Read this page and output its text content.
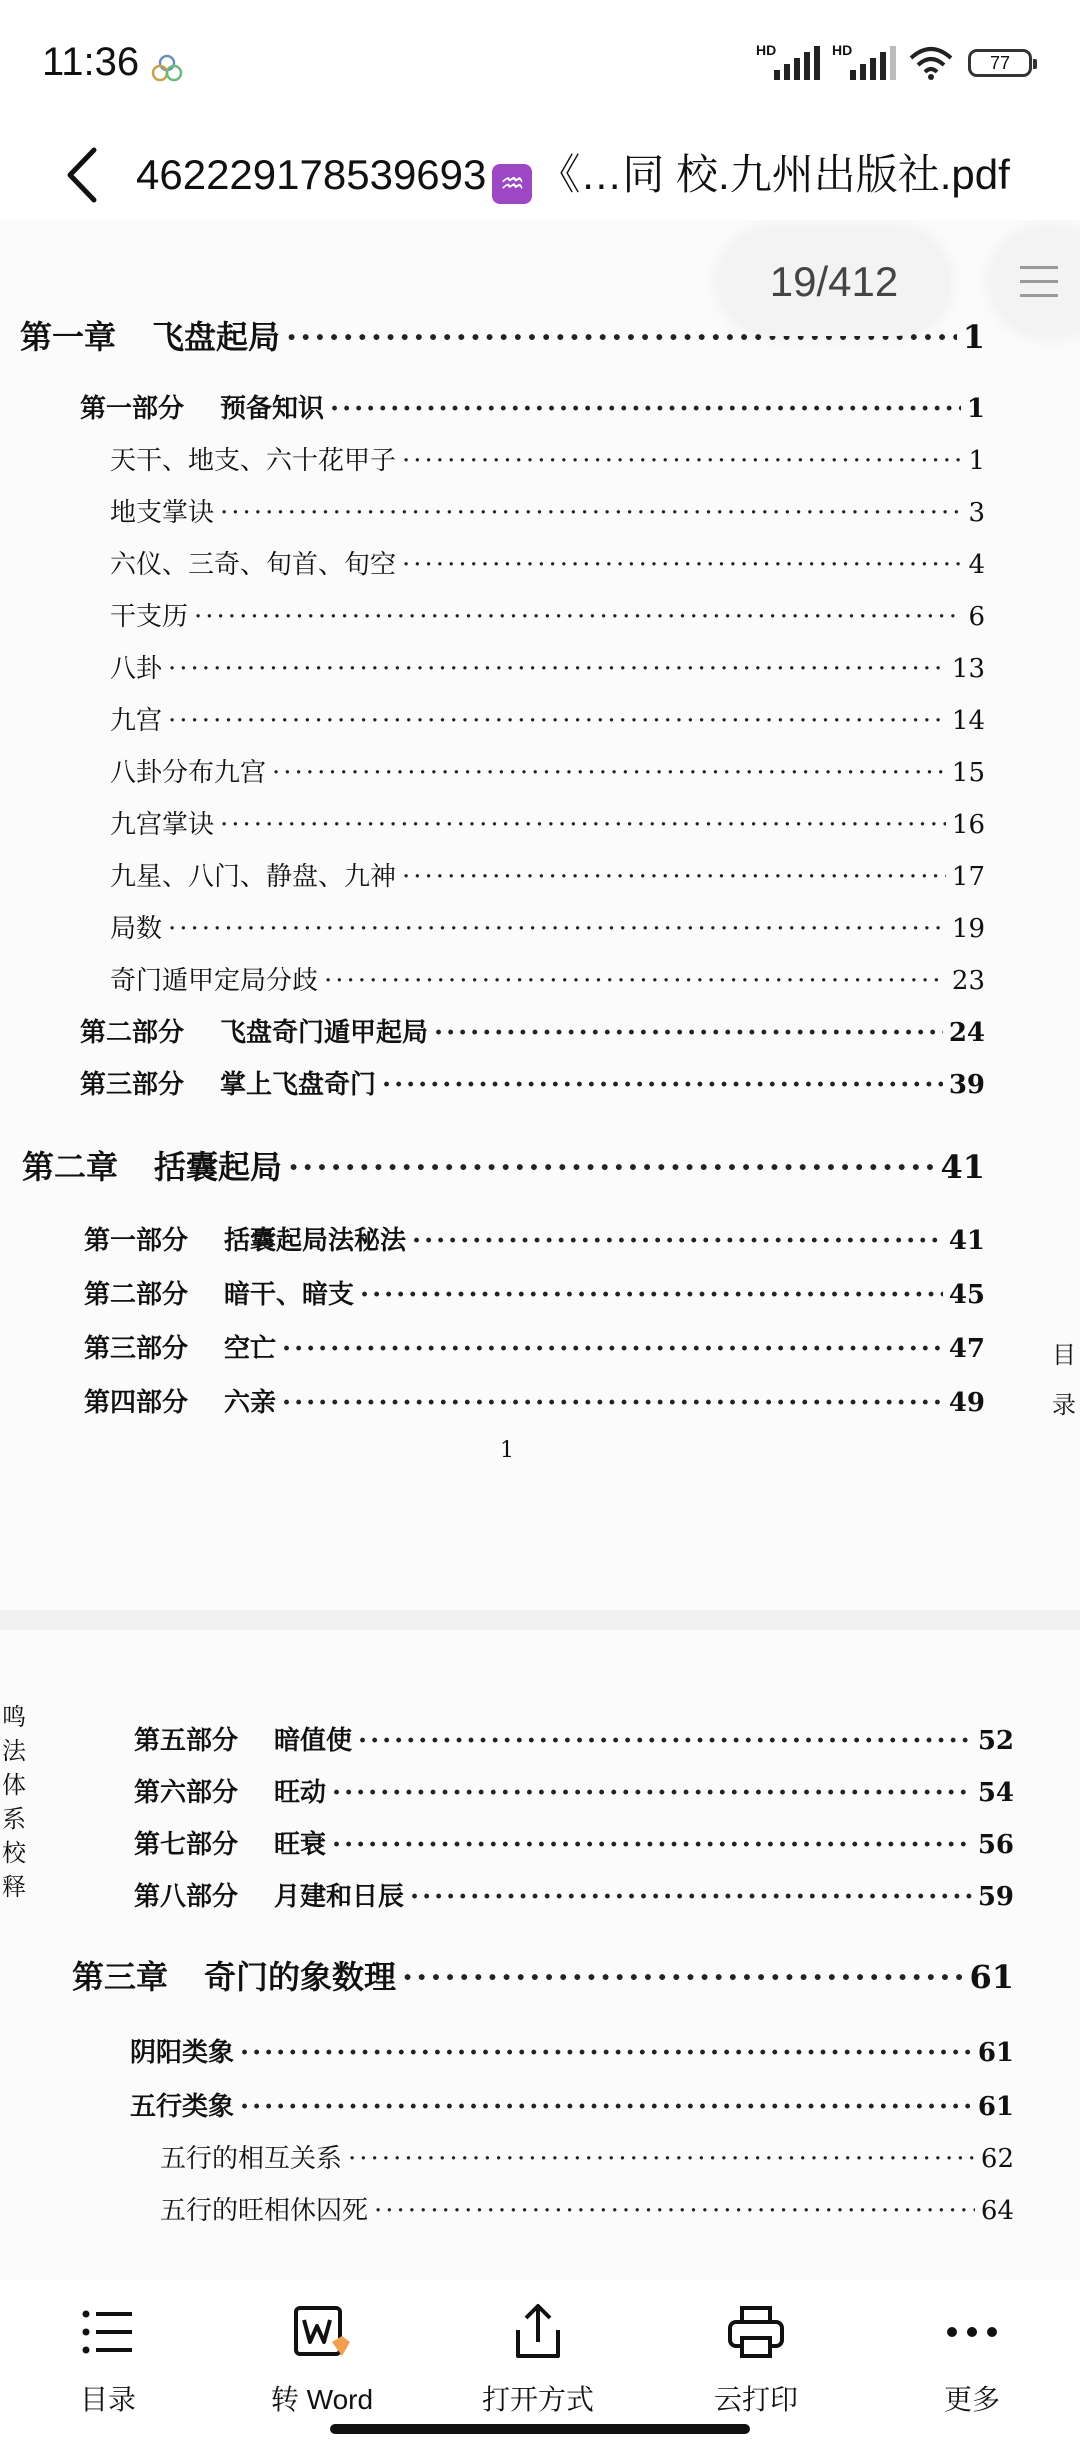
11:36	HD	HD
77
462229178539693 ♒ 《…同 校.九州出版社.pdf
19/412
第一章 飞盘起局 ·····	1
第一部分 预备知识 ·····	1
天干、地支、六十花甲子 ·····	1
地支掌诀 ·····	3
六仪、三奇、旬首、旬空 ·····	4
干支历 ·····	6
八卦 ·····	13
九宫 ·····	14
八卦分布九宫 ·····	15
九宫掌诀 ·····	16
九星、八门、静盘、九神 ·····	17
局数 ·····	19
奇门遁甲定局分歧 ·····	23
第二部分 飞盘奇门遁甲起局 ·····	24
第三部分 掌上飞盘奇门 ·····	39
第二章 括囊起局 ·····	41
第一部分 括囊起局法秘法 ·····	41
第二部分 暗干、暗支 ·····	45
第三部分 空亡 ·····	47
第四部分 六亲 ·····	49
1
目
录
鸣
法
体
系
校
释
第五部分 暗值使 ·····	52
第六部分 旺动 ·····	54
第七部分 旺衰 ·····	56
第八部分 月建和日辰 ·····	59
第三章 奇门的象数理 ·····	61
阴阳类象 ·····	61
五行类象 ·····	61
五行的相互关系 ·····	62
五行的旺相休囚死 ·····	64
目录	转 Word	打开方式	云打印	更多
